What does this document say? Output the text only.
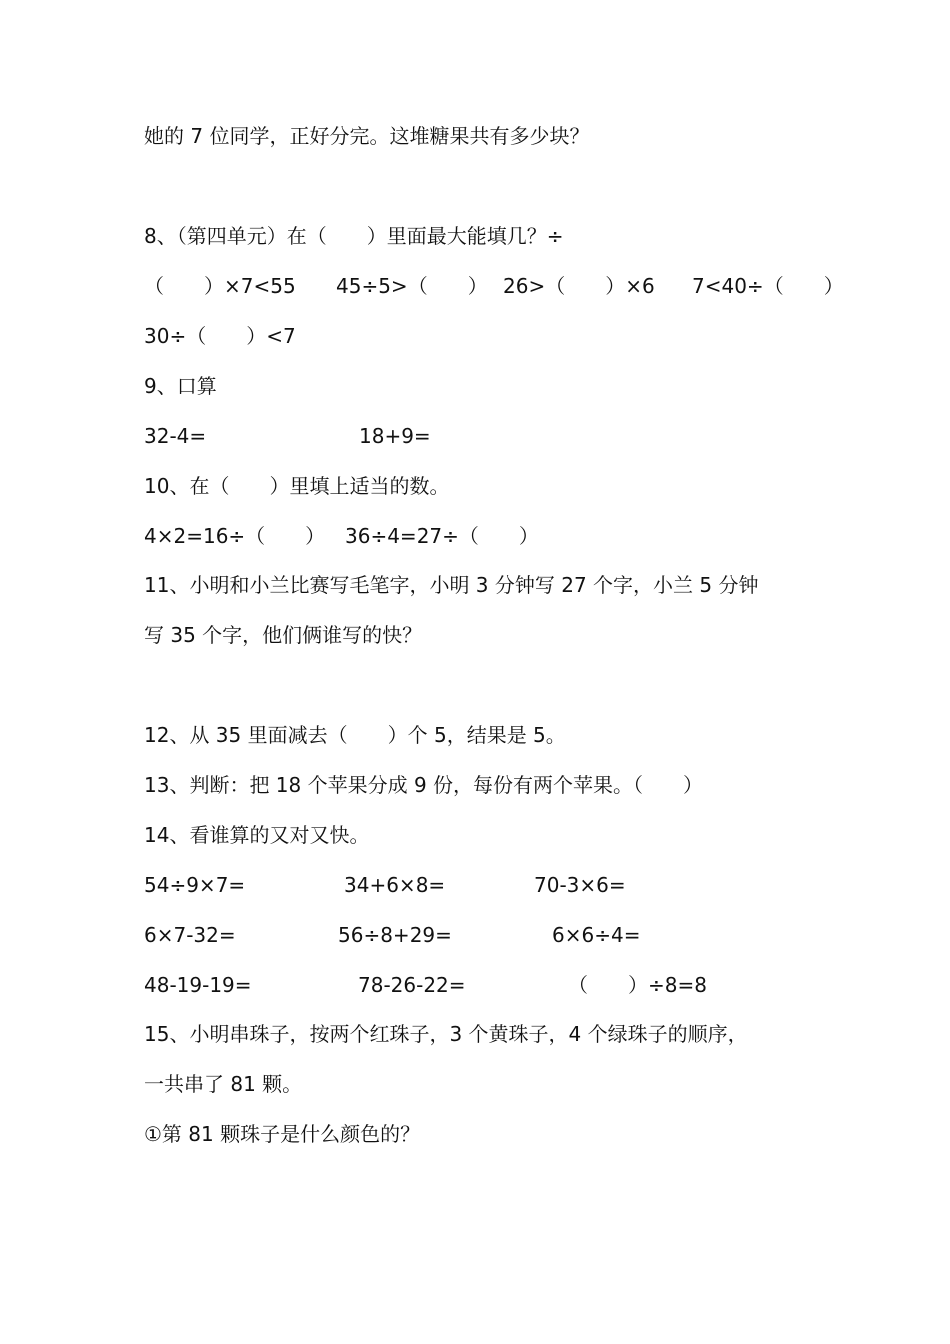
她的 7 位同学，正好分完。这堆糖果共有多少块？
8、（第四单元）在（　　）里面最大能填几？÷

（　　）×7<55

45÷5>（　　）

26>（　　）×6

7<40÷（　　）

30÷（　　）<7
9、口算

32-4=

	18+9=

10、在（　　）里填上适当的数。

4×2=16÷（　　）

36÷4=27÷（　　）

11、小明和小兰比赛写毛笔字，小明 3 分钟写 27 个字，小兰 5 分钟
写 35 个字，他们俩谁写的快？
12、从 35 里面减去（　　）个 5，结果是 5。
13、判断：把 18 个苹果分成 9 份，每份有两个苹果。（　　）
14、看谁算的又对又快。

54÷9×7=

	34+6×8=

	70-3×6=

6×7-32=

	56÷8+29=

	6×6÷4=

48-19-19=

	78-26-22=

	（　　）÷8=8

15、小明串珠子，按两个红珠子，3 个黄珠子，4 个绿珠子的顺序，
一共串了 81 颗。
①第 81 颗珠子是什么颜色的？
